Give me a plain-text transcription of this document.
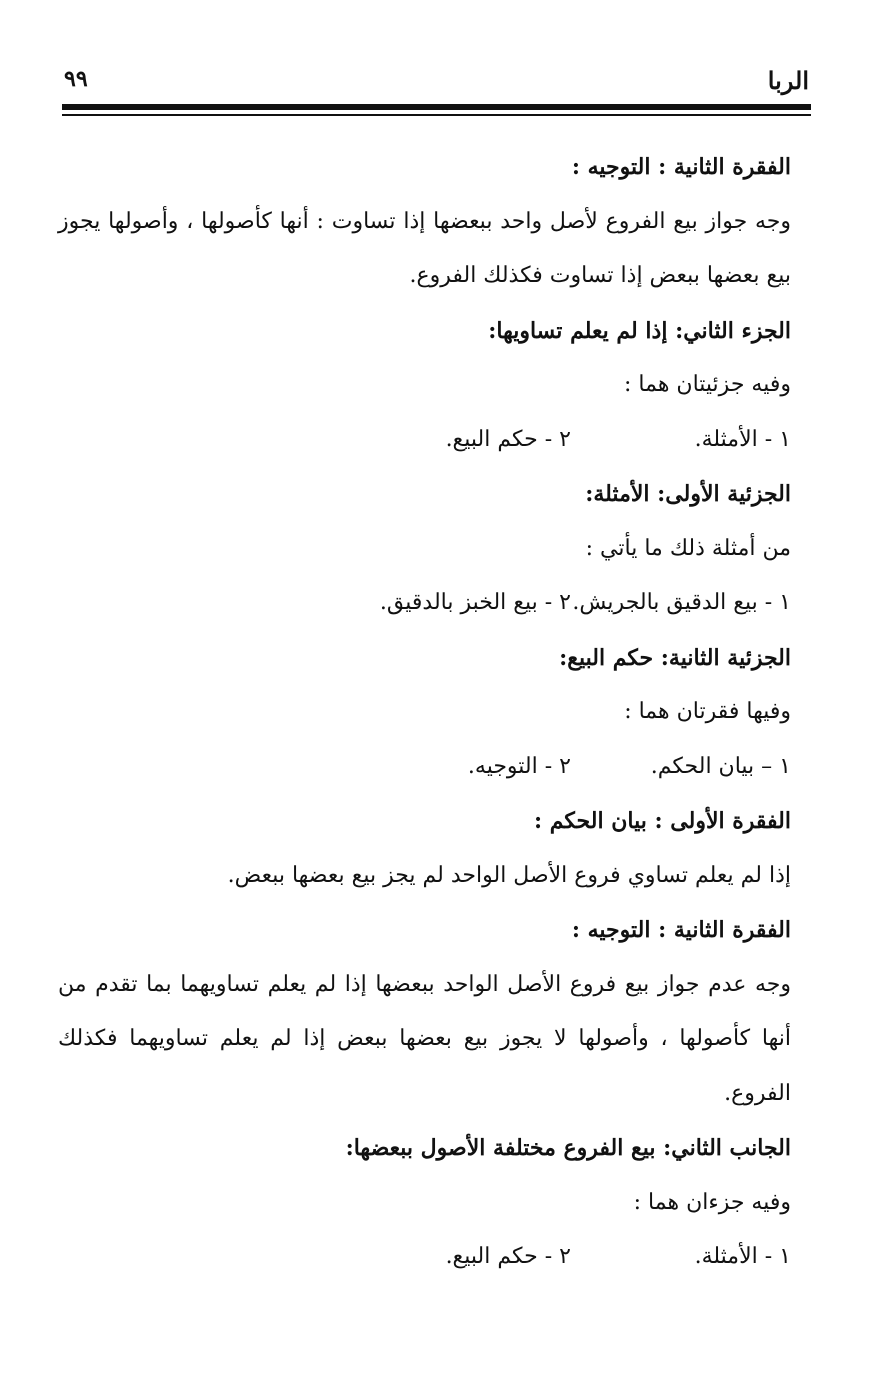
الربا
٩٩
الفقرة الثانية : التوجيه :
وجه جواز بيع الفروع لأصل واحد ببعضها إذا تساوت : أنها كأصولها ، وأصولها يجوز بيع بعضها ببعض إذا تساوت فكذلك الفروع.
الجزء الثاني: إذا لم يعلم تساويها:
وفيه جزئيتان هما :
١ - الأمثلة.
٢ - حكم البيع.
الجزئية الأولى: الأمثلة:
من أمثلة ذلك ما يأتي :
١ - بيع الدقيق بالجريش.
٢ - بيع الخبز بالدقيق.
الجزئية الثانية: حكم البيع:
وفيها فقرتان هما :
١ – بيان الحكم.
٢ - التوجيه.
الفقرة الأولى : بيان الحكم :
إذا لم يعلم تساوي فروع الأصل الواحد لم يجز بيع بعضها ببعض.
الفقرة الثانية : التوجيه :
وجه عدم جواز بيع فروع الأصل الواحد ببعضها إذا لم يعلم تساويهما بما تقدم من أنها كأصولها ، وأصولها لا يجوز بيع بعضها ببعض إذا لم يعلم تساويهما فكذلك الفروع.
الجانب الثاني: بيع الفروع مختلفة الأصول ببعضها:
وفيه جزءان هما :
١ - الأمثلة.
٢ - حكم البيع.
